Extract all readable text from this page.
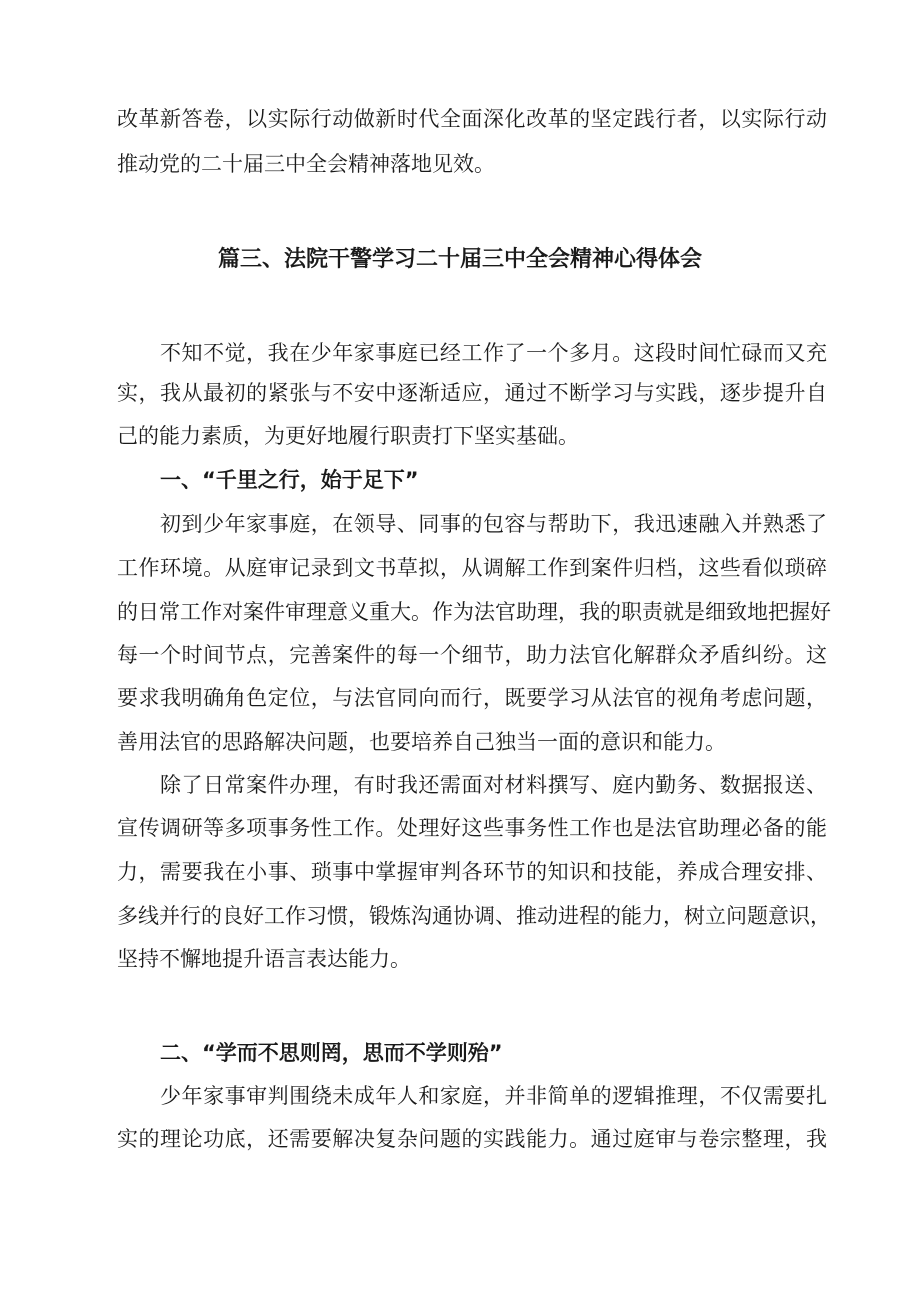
改革新答卷，以实际行动做新时代全面深化改革的坚定践行者，以实际行动

推动党的二十届三中全会精神落地见效。

篇三、法院干警学习二十届三中全会精神心得体会

不知不觉，我在少年家事庭已经工作了一个多月。这段时间忙碌而又充

实，我从最初的紧张与不安中逐渐适应，通过不断学习与实践，逐步提升自

己的能力素质，为更好地履行职责打下坚实基础。

一、“千里之行，始于足下”

初到少年家事庭，在领导、同事的包容与帮助下，我迅速融入并熟悉了

工作环境。从庭审记录到文书草拟，从调解工作到案件归档，这些看似琐碎

的日常工作对案件审理意义重大。作为法官助理，我的职责就是细致地把握好

每一个时间节点，完善案件的每一个细节，助力法官化解群众矛盾纠纷。这

要求我明确角色定位，与法官同向而行，既要学习从法官的视角考虑问题，

善用法官的思路解决问题，也要培养自己独当一面的意识和能力。

除了日常案件办理，有时我还需面对材料撰写、庭内勤务、数据报送、

宣传调研等多项事务性工作。处理好这些事务性工作也是法官助理必备的能

力，需要我在小事、琐事中掌握审判各环节的知识和技能，养成合理安排、

多线并行的良好工作习惯，锻炼沟通协调、推动进程的能力，树立问题意识，

坚持不懈地提升语言表达能力。

二、“学而不思则罔，思而不学则殆”

少年家事审判围绕未成年人和家庭，并非简单的逻辑推理，不仅需要扎

实的理论功底，还需要解决复杂问题的实践能力。通过庭审与卷宗整理，我
